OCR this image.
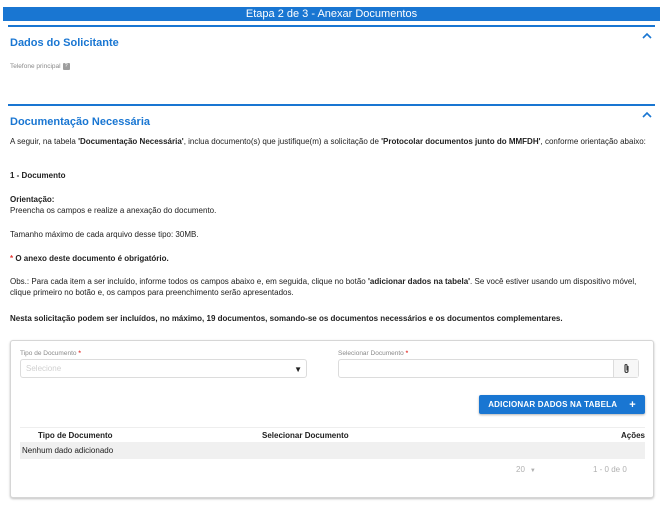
Etapa 2 de 3 - Anexar Documentos
Dados do Solicitante
Telefone principal ?
Documentação Necessária
A seguir, na tabela 'Documentação Necessária', inclua documento(s) que justifique(m) a solicitação de 'Protocolar documentos junto do MMFDH', conforme orientação abaixo:
1 - Documento
Orientação:
Preencha os campos e realize a anexação do documento.
Tamanho máximo de cada arquivo desse tipo: 30MB.
* O anexo deste documento é obrigatório.
Obs.: Para cada item a ser incluído, informe todos os campos abaixo e, em seguida, clique no botão 'adicionar dados na tabela'. Se você estiver usando um dispositivo móvel, clique primeiro no botão e, os campos para preenchimento serão apresentados.
Nesta solicitação podem ser incluídos, no máximo, 19 documentos, somando-se os documentos necessários e os documentos complementares.
Tipo de Documento *
Selecione	▼
Selecionar Documento *
ADICIONAR DADOS NA TABELA +
Tipo de Documento	Selecionar Documento	Ações
Nenhum dado adicionado
20 ▼	1 - 0 de 0
